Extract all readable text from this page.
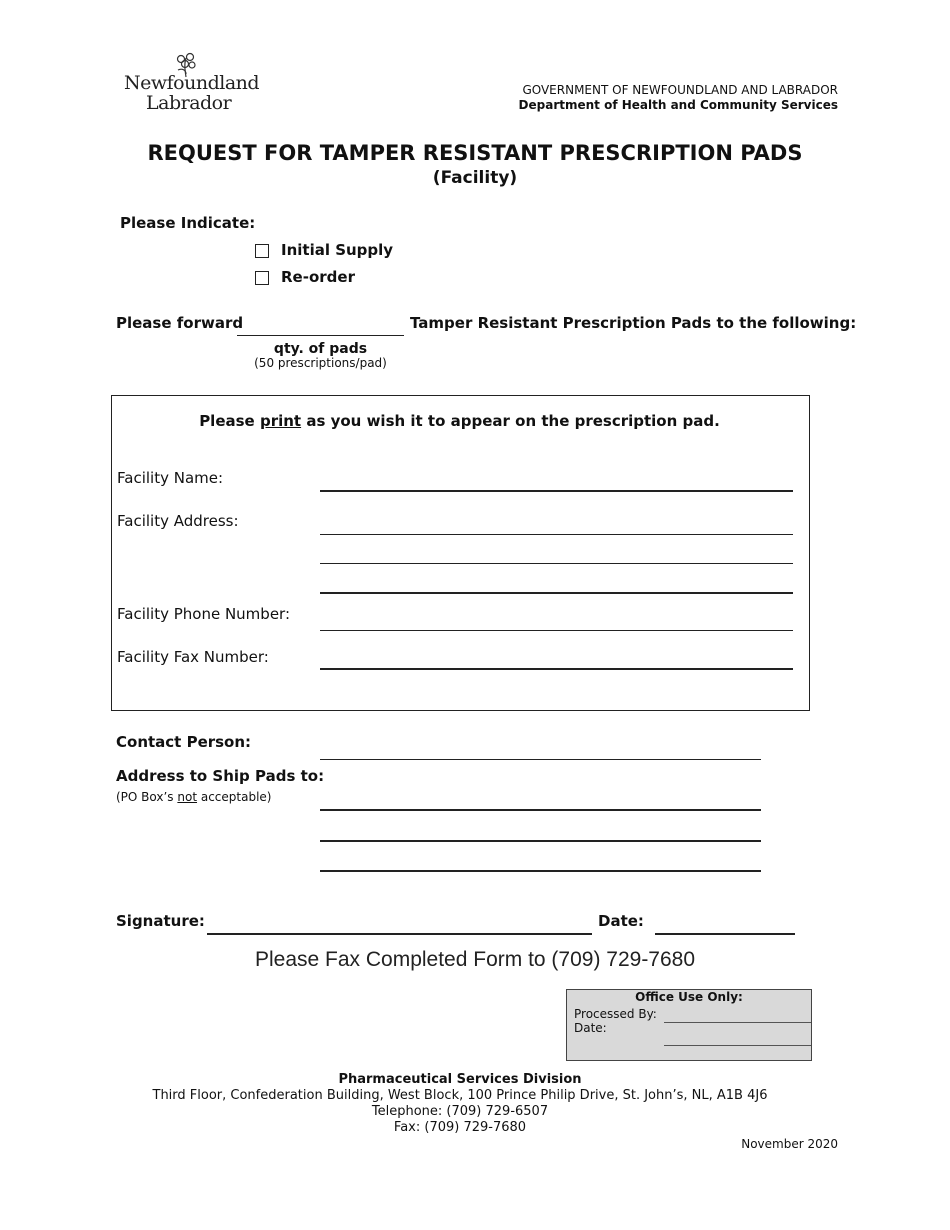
Newfoundland
Labrador
GOVERNMENT OF NEWFOUNDLAND AND LABRADOR
Department of Health and Community Services
REQUEST FOR TAMPER RESISTANT PRESCRIPTION PADS
(Facility)
Please Indicate:
Initial Supply
Re-order
Please forward	Tamper Resistant Prescription Pads to the following:
qty. of pads
(50 prescriptions/pad)
Please print as you wish it to appear on the prescription pad.
Facility Name:
Facility Address:
Facility Phone Number:
Facility Fax Number:
Contact Person:
Address to Ship Pads to:
(PO Box’s not acceptable)
Signature:	Date:
Please Fax Completed Form to (709) 729-7680
Office Use Only:
Processed By:
Date:
Pharmaceutical Services Division
Third Floor, Confederation Building, West Block, 100 Prince Philip Drive, St. John’s, NL, A1B 4J6
Telephone: (709) 729-6507
Fax: (709) 729-7680
November 2020
